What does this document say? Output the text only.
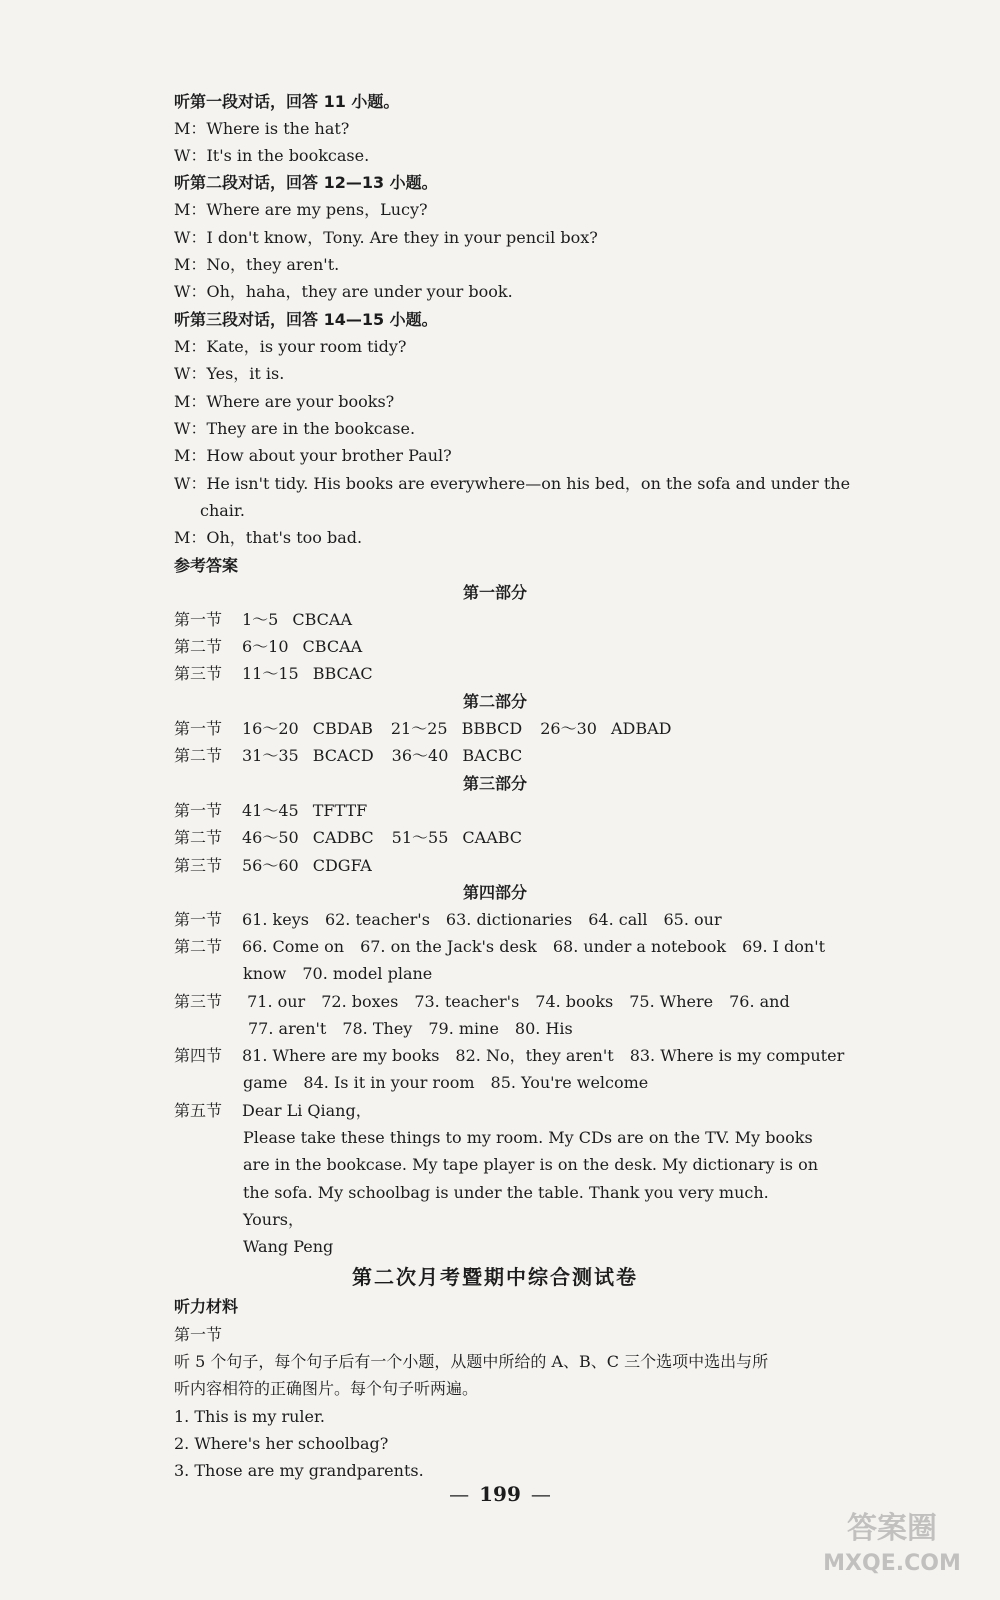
听第一段对话，回答 11 小题。
M：Where is the hat?
W：It's in the bookcase.
听第二段对话，回答 12—13 小题。
M：Where are my pens，Lucy?
W：I don't know，Tony. Are they in your pencil box?
M：No，they aren't.
W：Oh，haha，they are under your book.
听第三段对话，回答 14—15 小题。
M：Kate，is your room tidy?
W：Yes，it is.
M：Where are your books?
W：They are in the bookcase.
M：How about your brother Paul?
W：He isn't tidy. His books are everywhere—on his bed，on the sofa and under the
chair.
M：Oh，that's too bad.
参考答案
第一部分
第一节 1～5 CBCAA
第二节 6～10 CBCAA
第三节 11～15 BBCAC
第二部分
第一节 16～20 CBDAB 21～25 BBBCD 26～30 ADBAD
第二节 31～35 BCACD 36～40 BACBC
第三部分
第一节 41～45 TFTTF
第二节 46～50 CADBC 51～55 CAABC
第三节 56～60 CDGFA
第四部分
第一节 61. keys　62. teacher's　63. dictionaries　64. call　65. our
第二节 66. Come on　67. on the Jack's desk　68. under a notebook　69. I don't
know　70. model plane
第三节 71. our　72. boxes　73. teacher's　74. books　75. Where　76. and
77. aren't　78. They　79. mine　80. His
第四节 81. Where are my books　82. No，they aren't　83. Where is my computer
game　84. Is it in your room　85. You're welcome
第五节 Dear Li Qiang，
Please take these things to my room. My CDs are on the TV. My books
are in the bookcase. My tape player is on the desk. My dictionary is on
the sofa. My schoolbag is under the table. Thank you very much.
Yours，
Wang Peng
第二次月考暨期中综合测试卷
听力材料
第一节
听 5 个句子，每个句子后有一个小题，从题中所给的 A、B、C 三个选项中选出与所
听内容相符的正确图片。每个句子听两遍。
1. This is my ruler.
2. Where's her schoolbag?
3. Those are my grandparents.
— 199 —
答案圈
MXQE.COM
